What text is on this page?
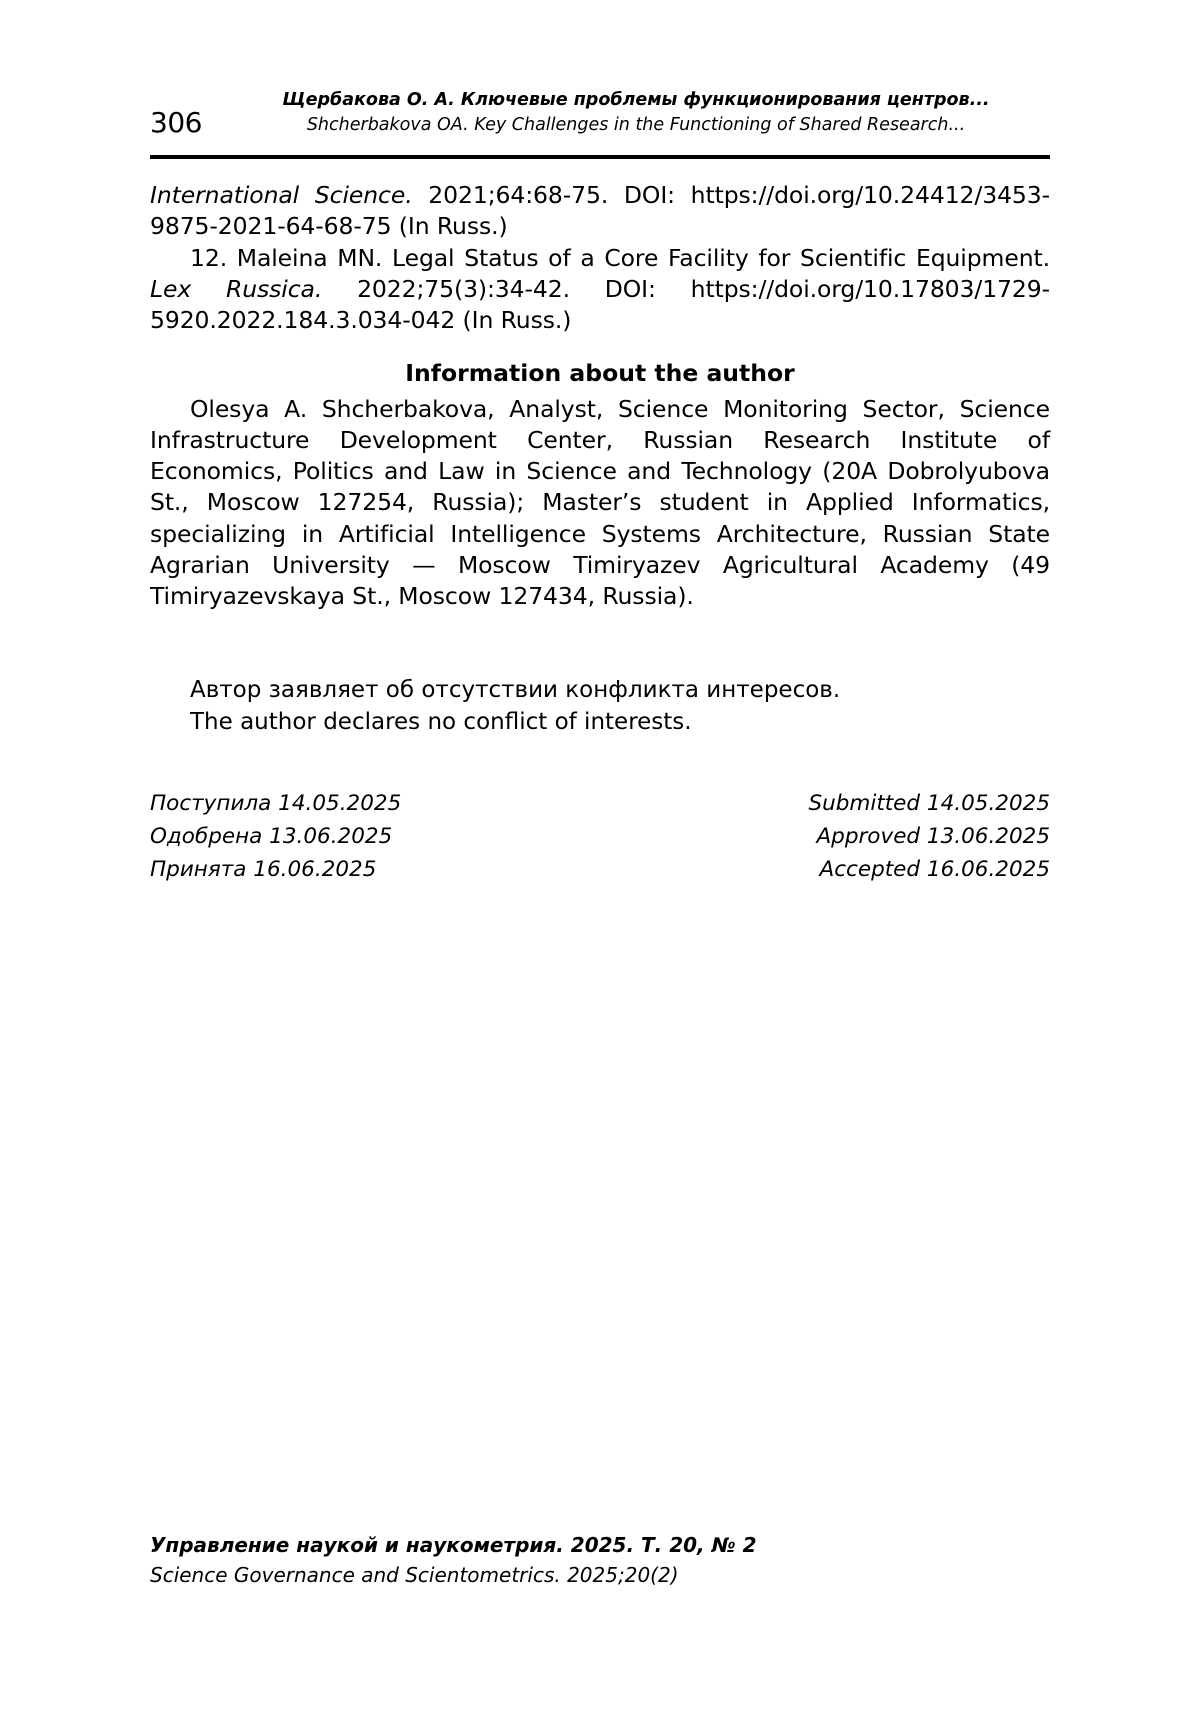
306
Щербакова О. А. Ключевые проблемы функционирования центров...
Shcherbakova OA. Key Challenges in the Functioning of Shared Research...

International Science. 2021;64:68-75. DOI: https://doi.org/10.24412/3453-9875-2021-64-68-75 (In Russ.)

12. Maleina MN. Legal Status of a Core Facility for Scientific Equipment. Lex Russica. 2022;75(3):34-42. DOI: https://doi.org/10.17803/1729-5920.2022.184.3.034-042 (In Russ.)

Information about the author

Olesya A. Shcherbakova, Analyst, Science Monitoring Sector, Science Infrastructure Development Center, Russian Research Institute of Economics, Politics and Law in Science and Technology (20A Dobrolyubova St., Moscow 127254, Russia); Master’s student in Applied Informatics, specializing in Artificial Intelligence Systems Architecture, Russian State Agrarian University — Moscow Timiryazev Agricultural Academy (49 Timiryazevskaya St., Moscow 127434, Russia).

Автор заявляет об отсутствии конфликта интересов.

The author declares no conflict of interests.

Поступила 14.05.2025
Одобрена 13.06.2025
Принята 16.06.2025
Submitted 14.05.2025
Approved 13.06.2025
Accepted 16.06.2025
Управление наукой и наукометрия. 2025. Т. 20, № 2
Science Governance and Scientometrics. 2025;20(2)
